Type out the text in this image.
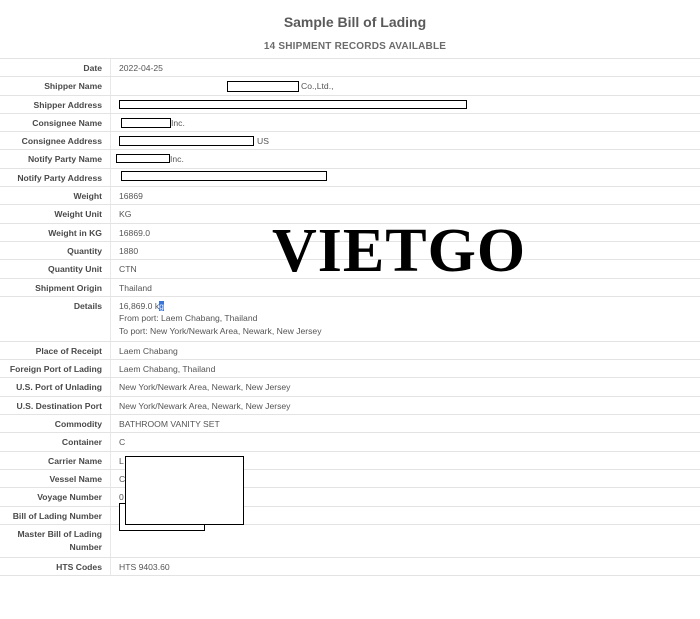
Sample Bill of Lading
14 SHIPMENT RECORDS AVAILABLE
Date	2022-04-25
Shipper Name	Co.,Ltd.,
Shipper Address
Consignee Name	Inc.
Consignee Address	US
Notify Party Name	Inc.
Notify Party Address
Weight	16869
Weight Unit	KG
Weight in KG	16869.0
Quantity	1880
Quantity Unit	CTN
Shipment Origin	Thailand
Details	16,869.0 kg
From port: Laem Chabang, Thailand
To port: New York/Newark Area, Newark, New Jersey
Place of Receipt	Laem Chabang
Foreign Port of Lading	Laem Chabang, Thailand
U.S. Port of Unlading	New York/Newark Area, Newark, New Jersey
U.S. Destination Port	New York/Newark Area, Newark, New Jersey
Commodity	BATHROOM VANITY SET
Container	C
Carrier Name	L
Vessel Name	C
Voyage Number	0
Bill of Lading Number
Master Bill of Lading Number
HTS Codes	HTS 9403.60
VIETGO
